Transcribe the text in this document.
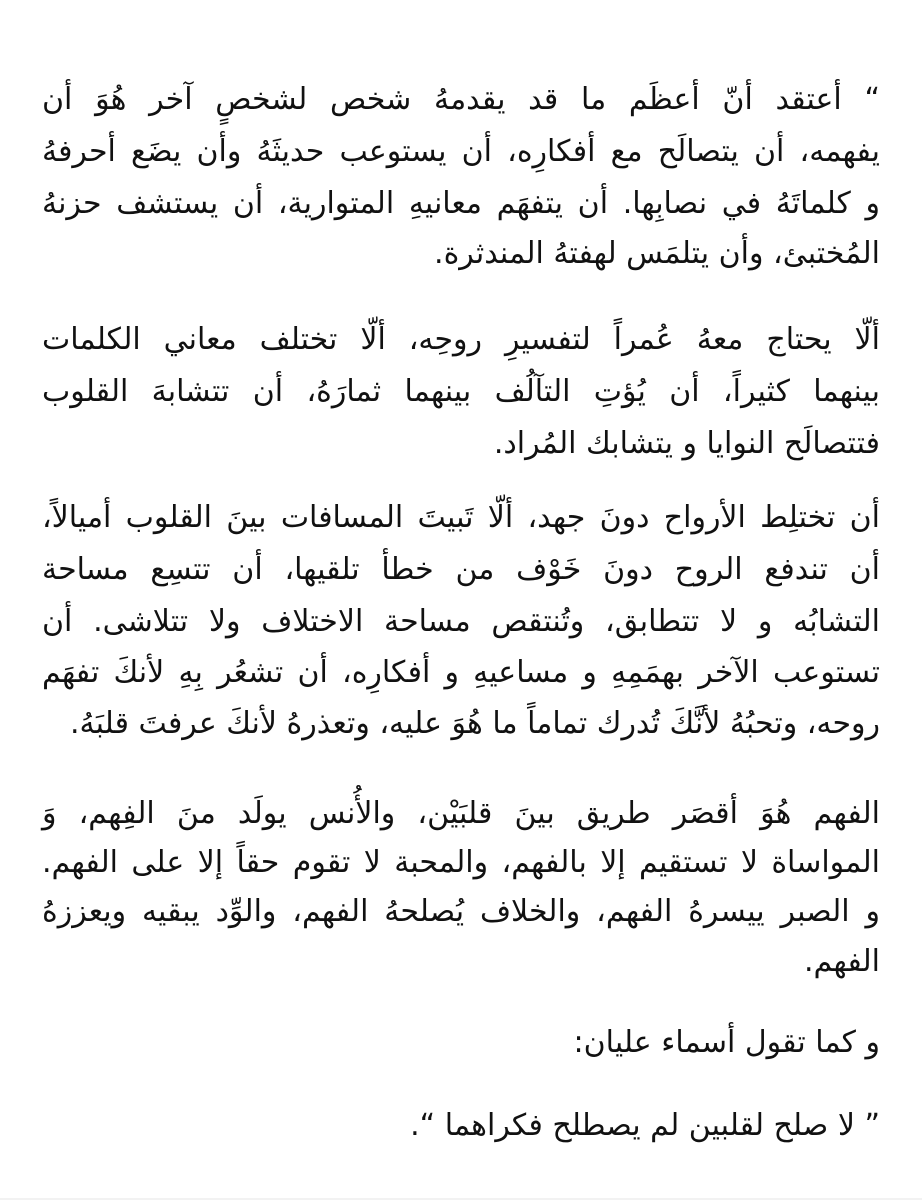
“ أعتقد أنّ أعظَم ما قد يقدمهُ شخص لشخصٍ آخر هُوَ أن
يفهمه، أن يتصالَح مع أفكارِه، أن يستوعب حديثَهُ وأن يضَع أحرفهُ
و كلماتَهُ في نصابِها. أن يتفهَم معانيهِ المتوارية، أن يستشف حزنهُ
المُختبئ، وأن يتلمَس لهفتهُ المندثرة.
ألّا يحتاج معهُ عُمراً لتفسيرِ روحِه، ألّا تختلف معاني الكلمات
بينهما كثيراً، أن يُؤتِ التآلُف بينهما ثمارَهُ، أن تتشابهَ القلوب
فتتصالَح النوايا و يتشابك المُراد.
أن تختلِط الأرواح دونَ جهد، ألّا تَبيتَ المسافات بينَ القلوب أميالاً،
أن تندفع الروح دونَ خَوْف من خطأ تلقيها، أن تتسِع مساحة
التشابُه و لا تتطابق، وتُنتقص مساحة الاختلاف ولا تتلاشى. أن
تستوعب الآخر بهمَمِهِ و مساعيهِ و أفكارِه، أن تشعُر بِهِ لأنكَ تفهَم
روحه، وتحبُهُ لأنَّكَ تُدرك تماماً ما هُوَ عليه، وتعذرهُ لأنكَ عرفتَ قلبَهُ.
الفهم هُوَ أقصَر طريق بينَ قلبَيْن، والأُنس يولَد منَ الفِهم، وَ
المواساة لا تستقيم إلا بالفهم، والمحبة لا تقوم حقاً إلا على الفهم.
و الصبر ييسرهُ الفهم، والخلاف يُصلحهُ الفهم، والوِّد يبقيه ويعززهُ
الفهم.
و كما تقول أسماء عليان:
” لا صلح لقلبين لم يصطلح فكراهما “.
